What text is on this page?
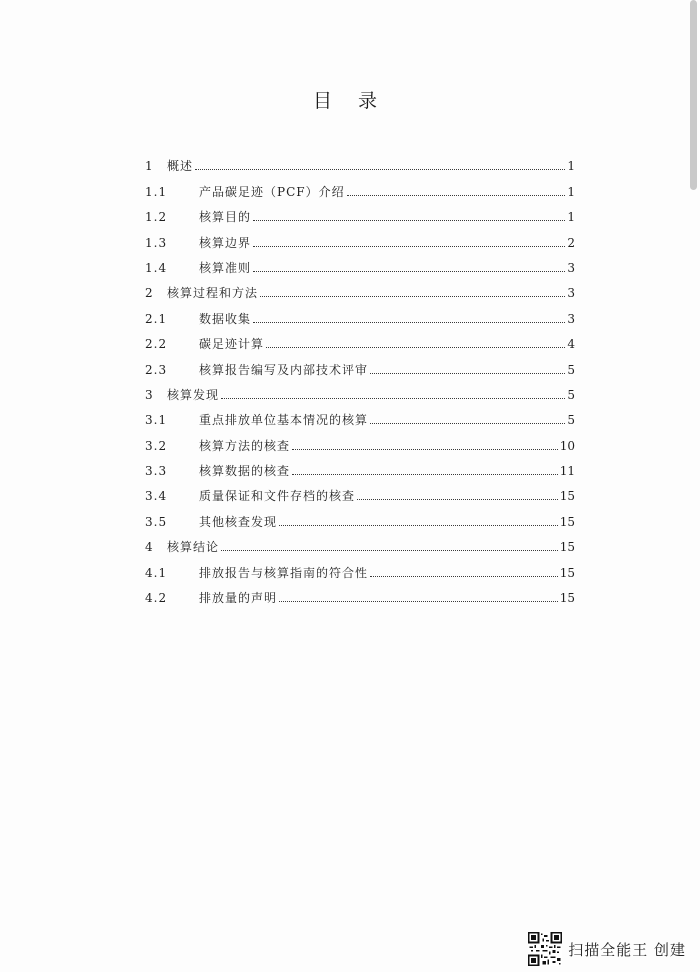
目 录
1	概述	1
1.1	产品碳足迹（PCF）介绍	1
1.2	核算目的	1
1.3	核算边界	2
1.4	核算准则	3
2	核算过程和方法	3
2.1	数据收集	3
2.2	碳足迹计算	4
2.3	核算报告编写及内部技术评审	5
3	核算发现	5
3.1	重点排放单位基本情况的核算	5
3.2	核算方法的核查	10
3.3	核算数据的核查	11
3.4	质量保证和文件存档的核查	15
3.5	其他核查发现	15
4	核算结论	15
4.1	排放报告与核算指南的符合性	15
4.2	排放量的声明	15
扫描全能王 创建
